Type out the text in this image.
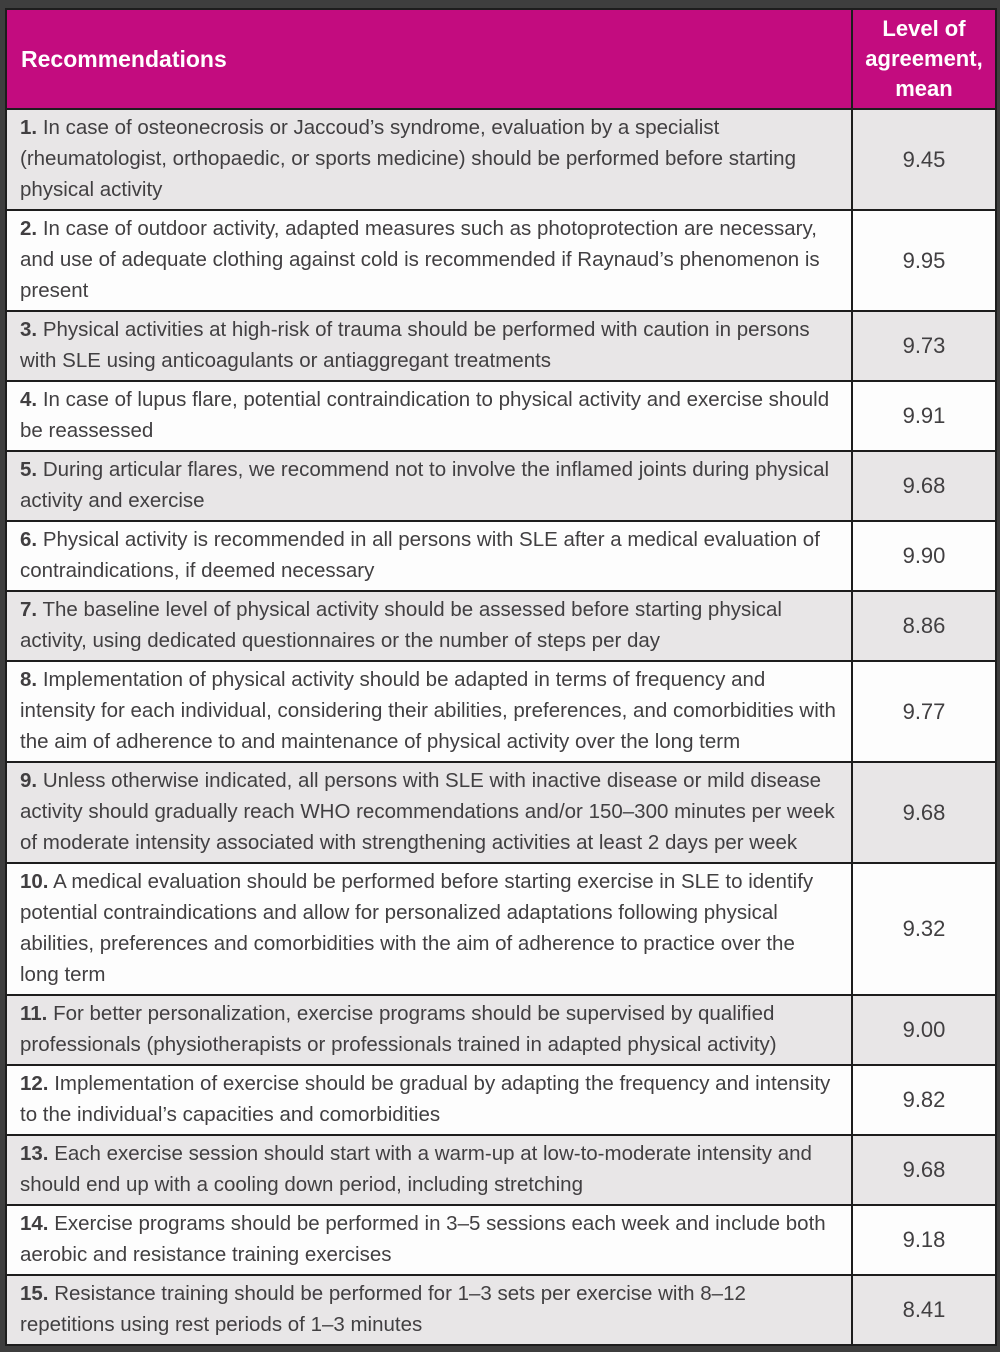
Recommendations	Level of agreement, mean
1. In case of osteonecrosis or Jaccoud’s syndrome, evaluation by a specialist (rheumatologist, orthopaedic, or sports medicine) should be performed before starting physical activity	9.45
2. In case of outdoor activity, adapted measures such as photoprotection are necessary, and use of adequate clothing against cold is recommended if Raynaud’s phenomenon is present	9.95
3. Physical activities at high-risk of trauma should be performed with caution in persons with SLE using anticoagulants or antiaggregant treatments	9.73
4. In case of lupus flare, potential contraindication to physical activity and exercise should be reassessed	9.91
5. During articular flares, we recommend not to involve the inflamed joints during physical activity and exercise	9.68
6. Physical activity is recommended in all persons with SLE after a medical evaluation of contraindications, if deemed necessary	9.90
7. The baseline level of physical activity should be assessed before starting physical activity, using dedicated questionnaires or the number of steps per day	8.86
8. Implementation of physical activity should be adapted in terms of frequency and intensity for each individual, considering their abilities, preferences, and comorbidities with the aim of adherence to and maintenance of physical activity over the long term	9.77
9. Unless otherwise indicated, all persons with SLE with inactive disease or mild disease activity should gradually reach WHO recommendations and/or 150–300 minutes per week of moderate intensity associated with strengthening activities at least 2 days per week	9.68
10. A medical evaluation should be performed before starting exercise in SLE to identify potential contraindications and allow for personalized adaptations following physical abilities, preferences and comorbidities with the aim of adherence to practice over the long term	9.32
11. For better personalization, exercise programs should be supervised by qualified professionals (physiotherapists or professionals trained in adapted physical activity)	9.00
12. Implementation of exercise should be gradual by adapting the frequency and intensity to the individual’s capacities and comorbidities	9.82
13. Each exercise session should start with a warm-up at low-to-moderate intensity and should end up with a cooling down period, including stretching	9.68
14. Exercise programs should be performed in 3–5 sessions each week and include both aerobic and resistance training exercises	9.18
15. Resistance training should be performed for 1–3 sets per exercise with 8–12 repetitions using rest periods of 1–3 minutes	8.41
